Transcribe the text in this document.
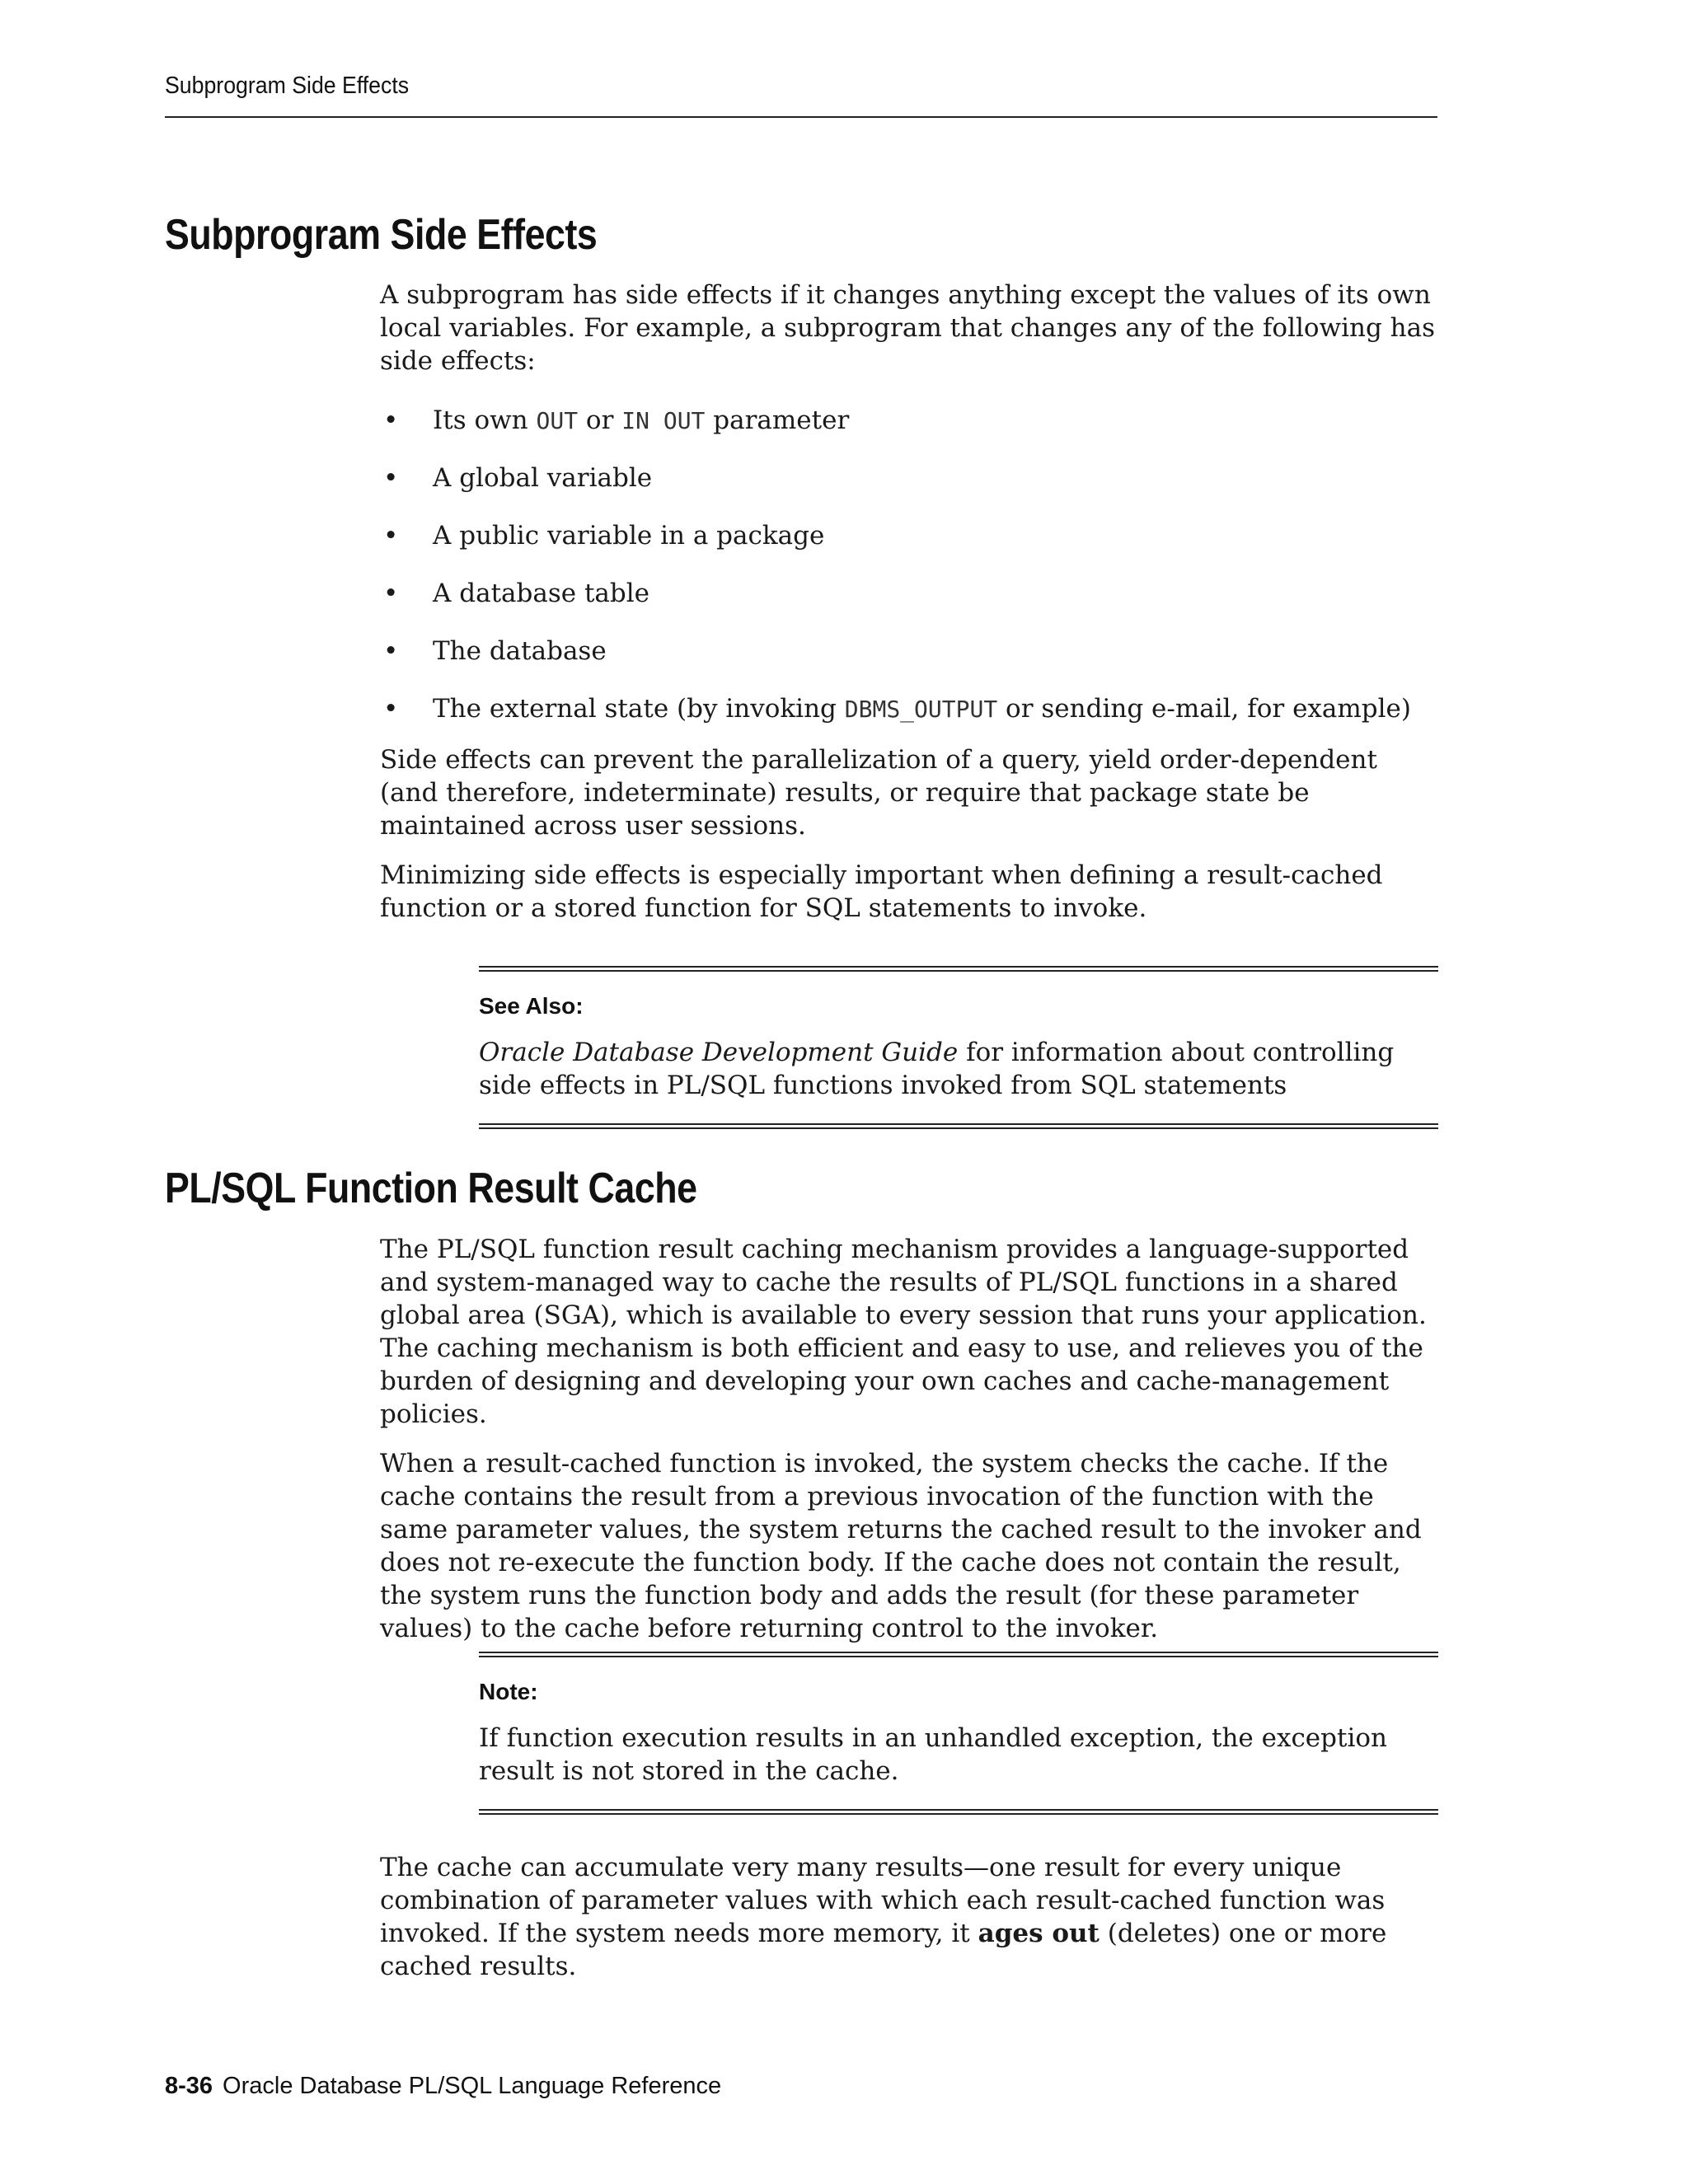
Subprogram Side Effects
Subprogram Side Effects

A subprogram has side effects if it changes anything except the values of its own local variables. For example, a subprogram that changes any of the following has side effects:

• Its own OUT or IN OUT parameter
• A global variable
• A public variable in a package
• A database table
• The database
• The external state (by invoking DBMS_OUTPUT or sending e-mail, for example)

Side effects can prevent the parallelization of a query, yield order-dependent (and therefore, indeterminate) results, or require that package state be maintained across user sessions.

Minimizing side effects is especially important when defining a result-cached function or a stored function for SQL statements to invoke.

See Also:

Oracle Database Development Guide for information about controlling side effects in PL/SQL functions invoked from SQL statements

PL/SQL Function Result Cache

The PL/SQL function result caching mechanism provides a language-supported and system-managed way to cache the results of PL/SQL functions in a shared global area (SGA), which is available to every session that runs your application. The caching mechanism is both efficient and easy to use, and relieves you of the burden of designing and developing your own caches and cache-management policies.

When a result-cached function is invoked, the system checks the cache. If the cache contains the result from a previous invocation of the function with the same parameter values, the system returns the cached result to the invoker and does not re-execute the function body. If the cache does not contain the result, the system runs the function body and adds the result (for these parameter values) to the cache before returning control to the invoker.

Note:

If function execution results in an unhandled exception, the exception result is not stored in the cache.

The cache can accumulate very many results—one result for every unique combination of parameter values with which each result-cached function was invoked. If the system needs more memory, it ages out (deletes) one or more cached results.

8-36 Oracle Database PL/SQL Language Reference
